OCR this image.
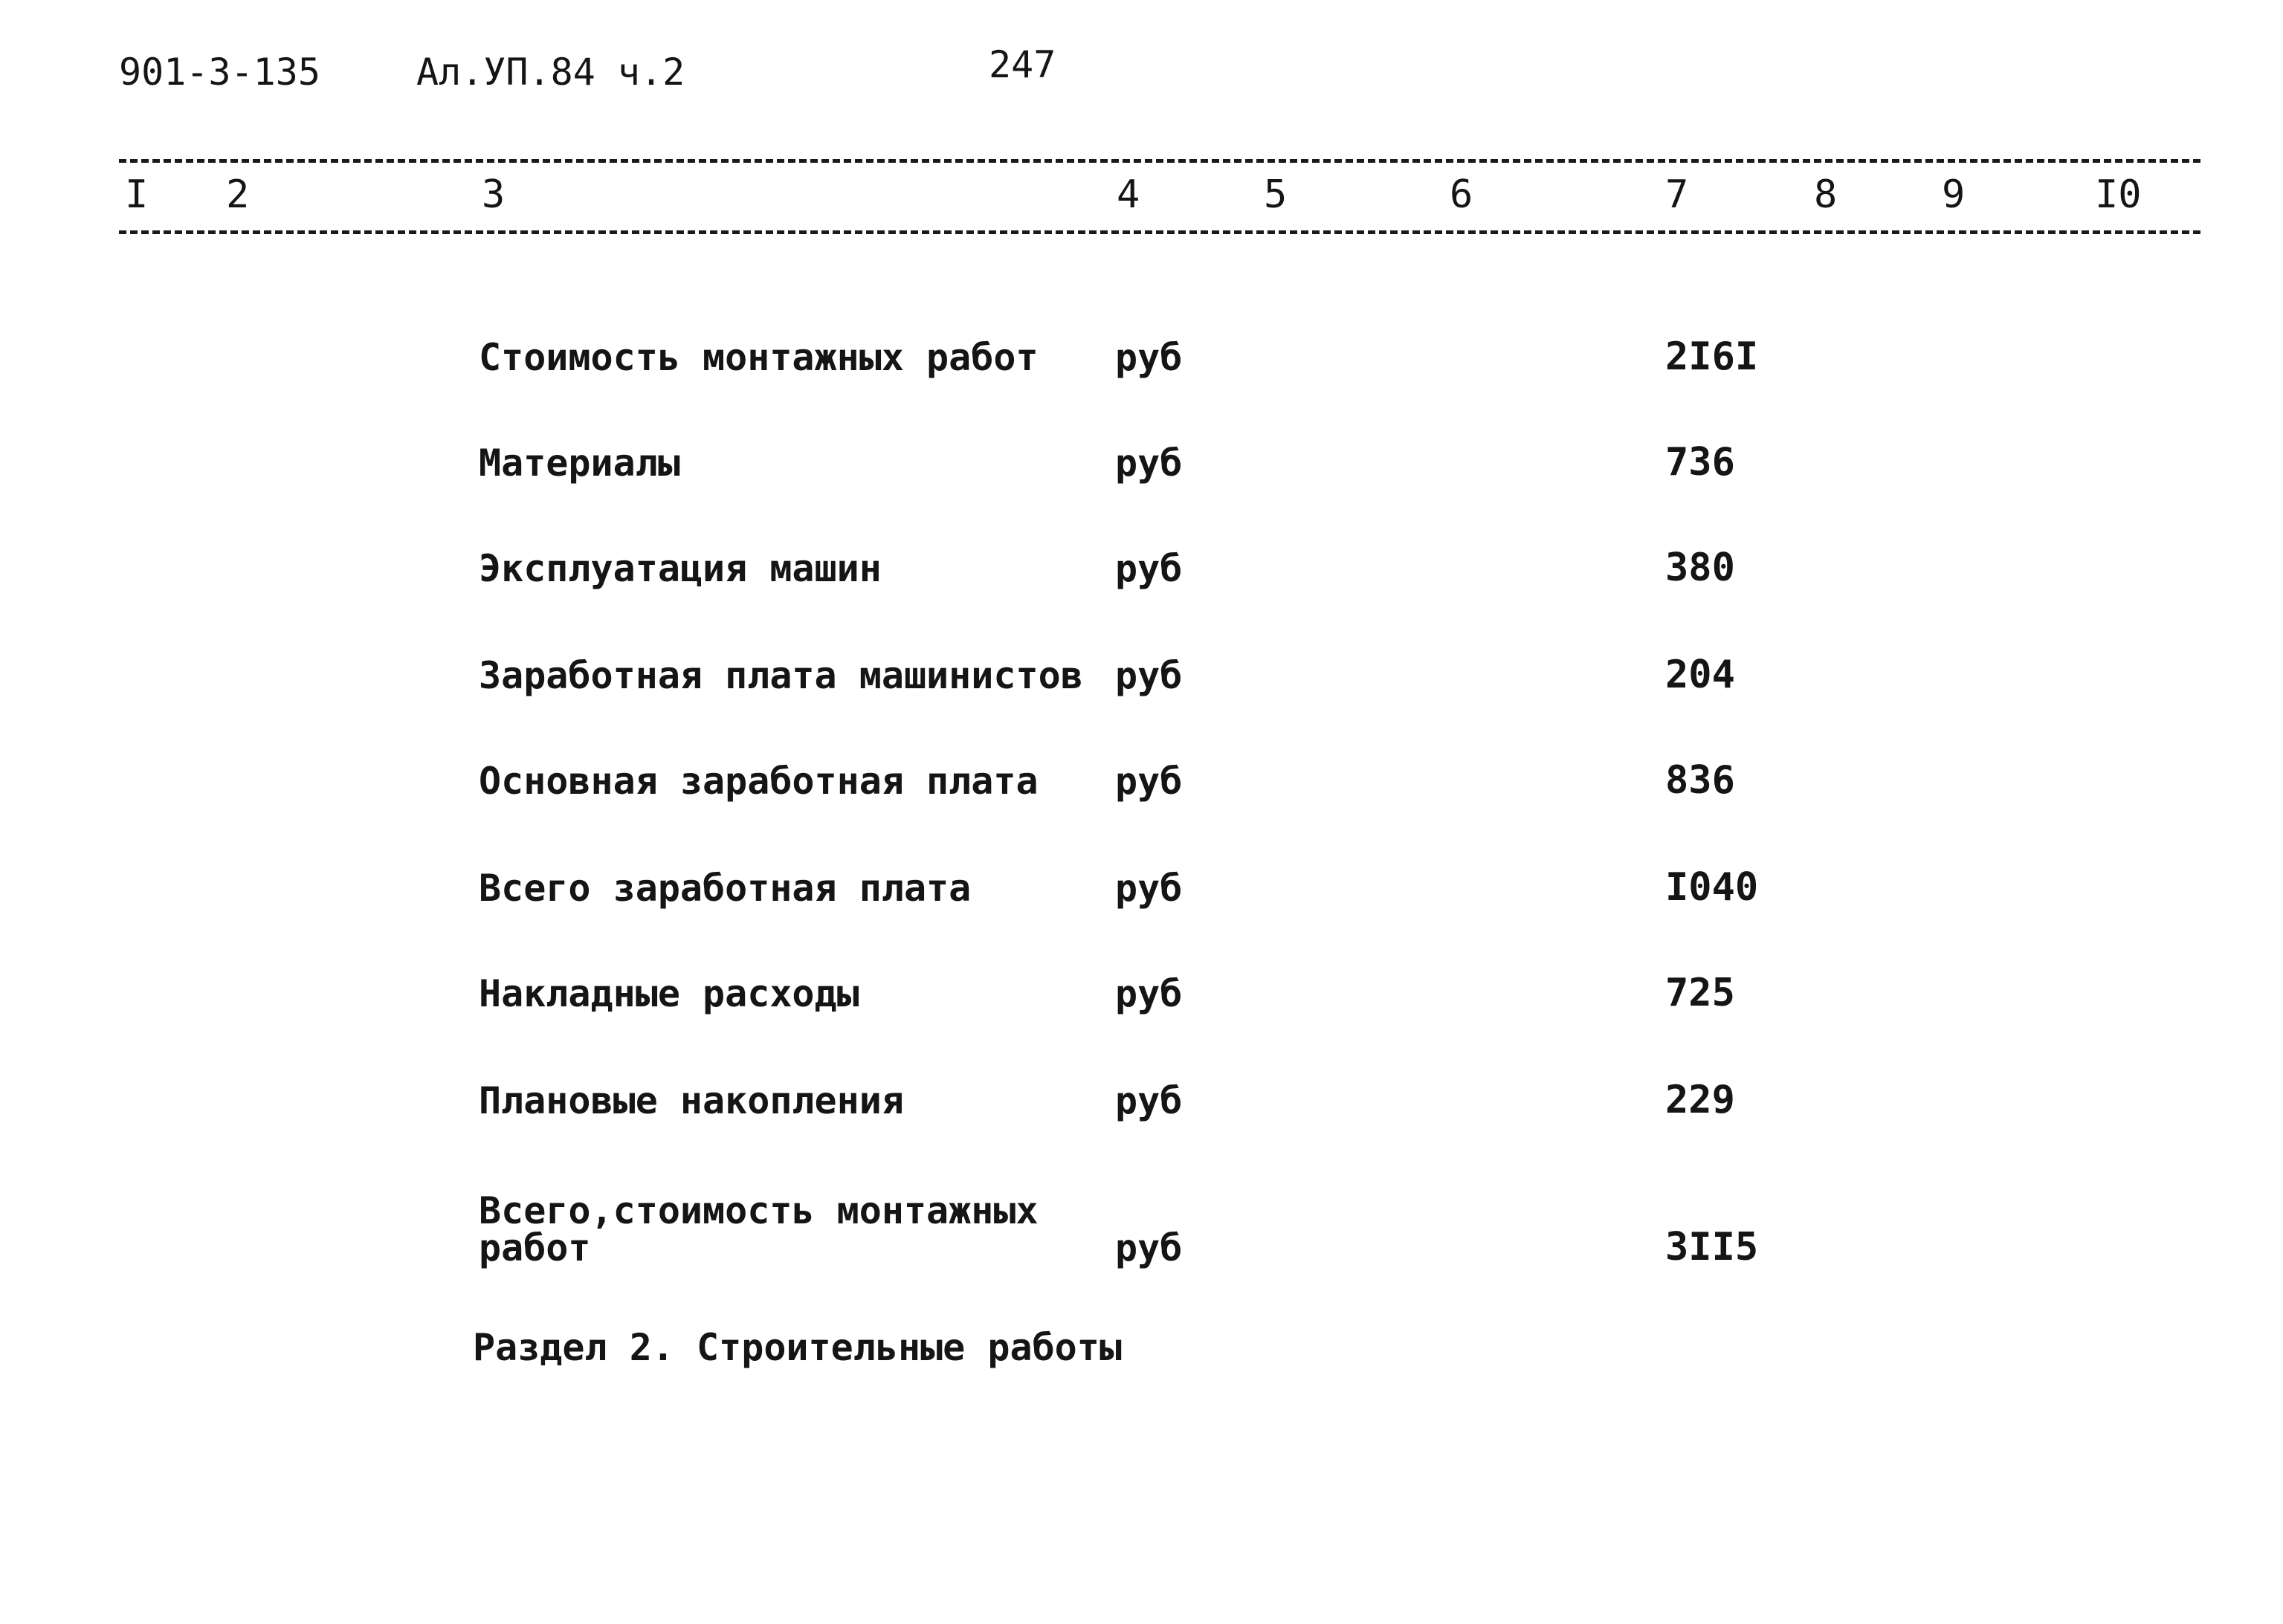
901-3-135	Ал.УП.84 ч.2	247
I 2	3	4	5	6	7	8	9	I0
Стоимость монтажных работ руб	2I6I
Материалы	руб	736
Эксплуатация машин	руб	380
Заработная плата машинистов руб	204
Основная заработная плата руб	836
Всего заработная плата	руб	I040
Накладные расходы	руб	725
Плановые накопления	руб	229
Всего,стоимость монтажных работ	руб	3II5
Раздел 2. Строительные работы
